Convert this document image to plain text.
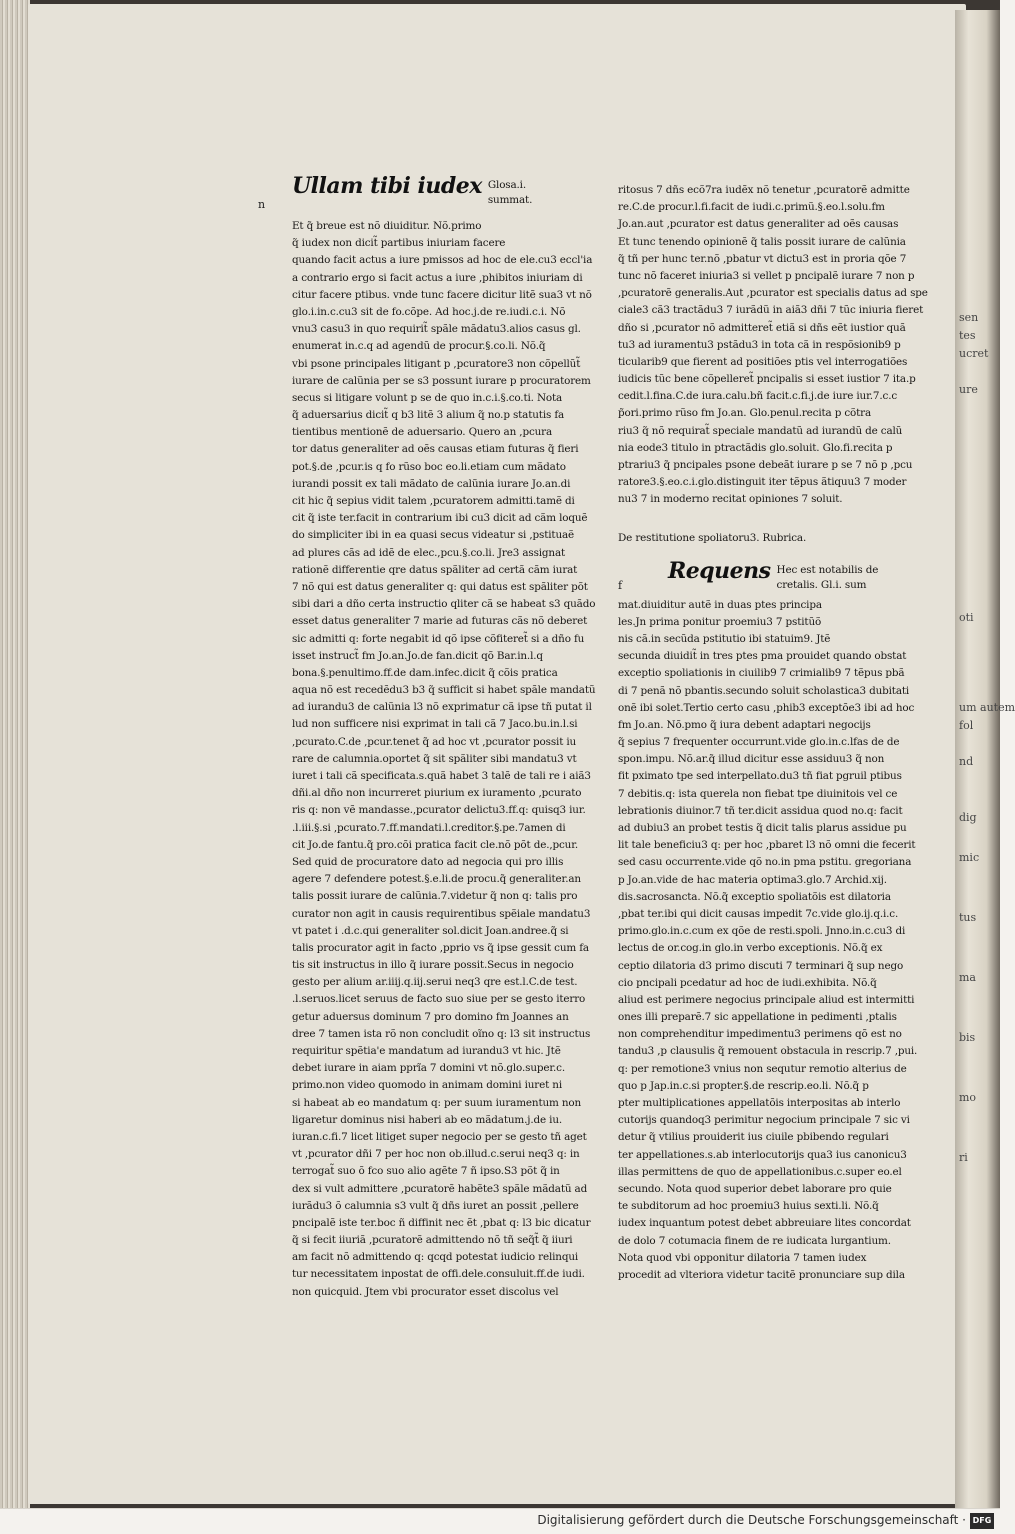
n
Ullam tibi iudex Glosa.i.
summat.
Et q̃ breue est nõ diuiditur. Nõ.primo
q̃ iudex non dicit̃ partibus iniuriam facere
quando facit actus a iure pmissos ad hoc de ele.cu3 eccl'ia
a contrario ergo si facit actus a iure ,phibitos iniuriam di
citur facere ptibus. vnde tunc facere dicitur litẽ sua3 vt nõ
glo.i.in.c.cu3 sit de fo.cõpe. Ad hoc.j.de re.iudi.c.i. Nõ
vnu3 casu3 in quo requirit̃ spãle mãdatu3.alios casus gl.
enumerat in.c.q ad agendũ de procur.§.co.li. Nõ.q̃
vbi psone principales litigant p ,pcuratore3 non cõpellũt̃
iurare de calũnia per se s3 possunt iurare p procuratorem
secus si litigare volunt p se de quo in.c.i.§.co.ti. Nota
q̃ aduersarius dicit̃ q b3 litẽ 3 alium q̃ no.p statutis fa
tientibus mentionẽ de aduersario. Quero an ,pcura
tor datus generaliter ad oẽs causas etiam futuras q̃ fieri
pot.§.de ,pcur.is q fo rũso boc eo.li.etiam cum mãdato
iurandi possit ex tali mãdato de calũnia iurare Jo.an.di
cit hic q̃ sepius vidit talem ,pcuratorem admitti.tamẽ di
cit q̃ iste ter.facit in contrarium ibi cu3 dicit ad cãm loquẽ
do simpliciter ibi in ea quasi secus videatur si ,pstituaẽ
ad plures cãs ad idẽ de elec.,pcu.§.co.li. Jre3 assignat
rationẽ differentie qre datus spãliter ad certã cãm iurat
7 nõ qui est datus generaliter q: qui datus est spãliter põt
sibi dari a dño certa instructio qliter cã se habeat s3 quãdo
esset datus generaliter 7 marie ad futuras cãs nõ deberet
sic admitti q: forte negabit id qõ ipse cõfiteret̃ si a dño fu
isset instruct̃ fm Jo.an.Jo.de fan.dicit qõ Bar.in.l.q
bona.§.penultimo.ff.de dam.infec.dicit q̃ cõis pratica
aqua nõ est recedẽdu3 b3 q̃ sufficit si habet spãle mandatũ
ad iurandu3 de calũnia l3 nõ exprimatur cã ipse tñ putat il
lud non sufficere nisi exprimat in tali cã 7 Jaco.bu.in.l.si
,pcurato.C.de ,pcur.tenet q̃ ad hoc vt ,pcurator possit iu
rare de calumnia.oportet q̃ sit spãliter sibi mandatu3 vt
iuret i tali cã specificata.s.quã habet 3 talẽ de tali re i aiã3
dñi.al dño non incurreret piurium ex iuramento ,pcurato
ris q: non vẽ mandasse.,pcurator delictu3.ff.q: quisq3 iur.
.l.iii.§.si ,pcurato.7.ff.mandati.l.creditor.§.pe.7amen di
cit Jo.de fantu.q̃ pro.cõi pratica facit cle.nõ põt de.,pcur.
Sed quid de procuratore dato ad negocia qui pro illis
agere 7 defendere potest.§.e.li.de procu.q̃ generaliter.an
talis possit iurare de calũnia.7.videtur q̃ non q: talis pro
curator non agit in causis requirentibus spẽiale mandatu3
vt patet i .d.c.qui generaliter sol.dicit Joan.andree.q̃ si
talis procurator agit in facto ,pprio vs q̃ ipse gessit cum fa
tis sit instructus in illo q̃ iurare possit.Secus in negocio
gesto per alium ar.iiij.q.iij.serui neq3 qre est.l.C.de test.
.l.seruos.licet seruus de facto suo siue per se gesto iterro
getur aduersus dominum 7 pro domino fm Joannes an
dree 7 tamen ista rõ non concludit oĩno q: l3 sit instructus
requiritur spẽtia'e mandatum ad iurandu3 vt hic. Jtẽ
debet iurare in aiam pprĩa 7 domini vt nõ.glo.super.c.
primo.non video quomodo in animam domini iuret ni
si habeat ab eo mandatum q: per suum iuramentum non
ligaretur dominus nisi haberi ab eo mãdatum.j.de iu.
iuran.c.fi.7 licet litiget super negocio per se gesto tñ aget
vt ,pcurator dñi 7 per hoc non ob.illud.c.serui neq3 q: in
terrogat̃ suo õ fco suo alio agẽte 7 ñ ipso.S3 põt q̃ in
dex si vult admittere ,pcuratorẽ habẽte3 spãle mãdatũ ad
iurãdu3 õ calumnia s3 vult q̃ dñs iuret an possit ,pellere
pncipalẽ iste ter.boc ñ diffinit nec ẽt ,pbat q: l3 bic dicatur
q̃ si fecit iiuriã ,pcuratorẽ admittendo nõ tñ seq̃t̃ q̃ iiuri
am facit nõ admittendo q: qcqd potestat iudicio relinqui
tur necessitatem inpostat de offi.dele.consuluit.ff.de iudi.
non quicquid. Jtem vbi procurator esset discolus vel
ritosus 7 dñs ecõ7ra iudẽx nõ tenetur ,pcuratorẽ admitte
re.C.de procur.l.fi.facit de iudi.c.primũ.§.eo.l.solu.fm
Jo.an.aut ,pcurator est datus generaliter ad oẽs causas
Et tunc tenendo opinionẽ q̃ talis possit iurare de calũnia
q̃ tñ per hunc ter.nõ ,pbatur vt dictu3 est in proria qõe 7
tunc nõ faceret iniuria3 si vellet p pncipalẽ iurare 7 non p
,pcuratorẽ generalis.Aut ,pcurator est specialis datus ad spe
ciale3 cã3 tractãdu3 7 iurãdũ in aiã3 dñi 7 tũc iniuria fieret
dño si ,pcurator nõ admitteret̃ etiã si dñs eẽt iustior quã
tu3 ad iuramentu3 pstãdu3 in tota cã in respõsionib9 p
ticularib9 que fierent ad positiões ptis vel interrogatiões
iudicis tũc bene cõpelleret̃ pncipalis si esset iustior 7 ita.p
cedit.l.fina.C.de iura.calu.bñ facit.c.fi.j.de iure iur.7.c.c
p̃ori.primo rũso fm Jo.an. Glo.penul.recita p cõtra
riu3 q̃ nõ requirat̃ speciale mandatũ ad iurandũ de calũ
nia eode3 titulo in ptractãdis glo.soluit. Glo.fi.recita p
ptrariu3 q̃ pncipales psone debeãt iurare p se 7 nõ p ,pcu
ratore3.§.eo.c.i.glo.distinguit iter tẽpus ãtiquu3 7 moder
nu3 7 in moderno recitat opiniones 7 soluit.
De restitutione spoliatoru3. Rubrica.
f
Requens Hec est notabilis de
cretalis. Gl.i. sum
mat.diuiditur autẽ in duas ptes principa
les.Jn prima ponitur proemiu3 7 pstitũõ
nis cã.in secũda pstitutio ibi statuim9. Jtẽ
secunda diuidit̃ in tres ptes pma prouidet quando obstat
exceptio spoliationis in ciuilib9 7 crimialib9 7 tẽpus pbã
di 7 penã nõ pbantis.secundo soluit scholastica3 dubitati
onẽ ibi solet.Tertio certo casu ,phib3 exceptõe3 ibi ad hoc
fm Jo.an. Nõ.pmo q̃ iura debent adaptari negocijs
q̃ sepius 7 frequenter occurrunt.vide glo.in.c.lfas de de
spon.impu. Nõ.ar.q̃ illud dicitur esse assiduu3 q̃ non
fit pximato tpe sed interpellato.du3 tñ fiat pgruil ptibus
7 debitis.q: ista querela non fiebat tpe diuinitois vel ce
lebrationis diuinor.7 tñ ter.dicit assidua quod no.q: facit
ad dubiu3 an probet testis q̃ dicit talis plarus assidue pu
lit tale beneficiu3 q: per hoc ,pbaret l3 nõ omni die fecerit
sed casu occurrente.vide qõ no.in pma pstitu. gregoriana
p Jo.an.vide de hac materia optima3.glo.7 Archid.xij.
dis.sacrosancta. Nõ.q̃ exceptio spoliatõis est dilatoria
,pbat ter.ibi qui dicit causas impedit 7c.vide glo.ij.q.i.c.
primo.glo.in.c.cum ex qõe de resti.spoli. Jnno.in.c.cu3 di
lectus de or.cog.in glo.in verbo exceptionis. Nõ.q̃ ex
ceptio dilatoria d3 primo discuti 7 terminari q̃ sup nego
cio pncipali pcedatur ad hoc de iudi.exhibita. Nõ.q̃
aliud est perimere negocius principale aliud est intermitti
ones illi preparẽ.7 sic appellatione in pedimenti ,ptalis
non comprehenditur impedimentu3 perimens qõ est no
tandu3 ,p clausulis q̃ remouent obstacula in rescrip.7 ,pui.
q: per remotione3 vnius non sequtur remotio alterius de
quo p Jap.in.c.si propter.§.de rescrip.eo.li. Nõ.q̃ p
pter multiplicationes appellatõis interpositas ab interlo
cutorijs quandoq3 perimitur negocium principale 7 sic vi
detur q̃ vtilius prouiderit ius ciuile pbibendo regulari
ter appellationes.s.ab interlocutorijs qua3 ius canonicu3
illas permittens de quo de appellationibus.c.super eo.el
secundo. Nota quod superior debet laborare pro quie
te subditorum ad hoc proemiu3 huius sexti.li. Nõ.q̃
iudex inquantum potest debet abbreuiare lites concordat
de dolo 7 cotumacia finem de re iudicata lurgantium.
Nota quod vbi opponitur dilatoria 7 tamen iudex
procedit ad vlteriora videtur tacitẽ pronunciare sup dila
sen
tes
ucret
ure
oti
um autem
fol
nd
dig
mic
tus
ma
bis
mo
ri
Digitalisierung gefördert durch die Deutsche Forschungsgemeinschaft · DFG
